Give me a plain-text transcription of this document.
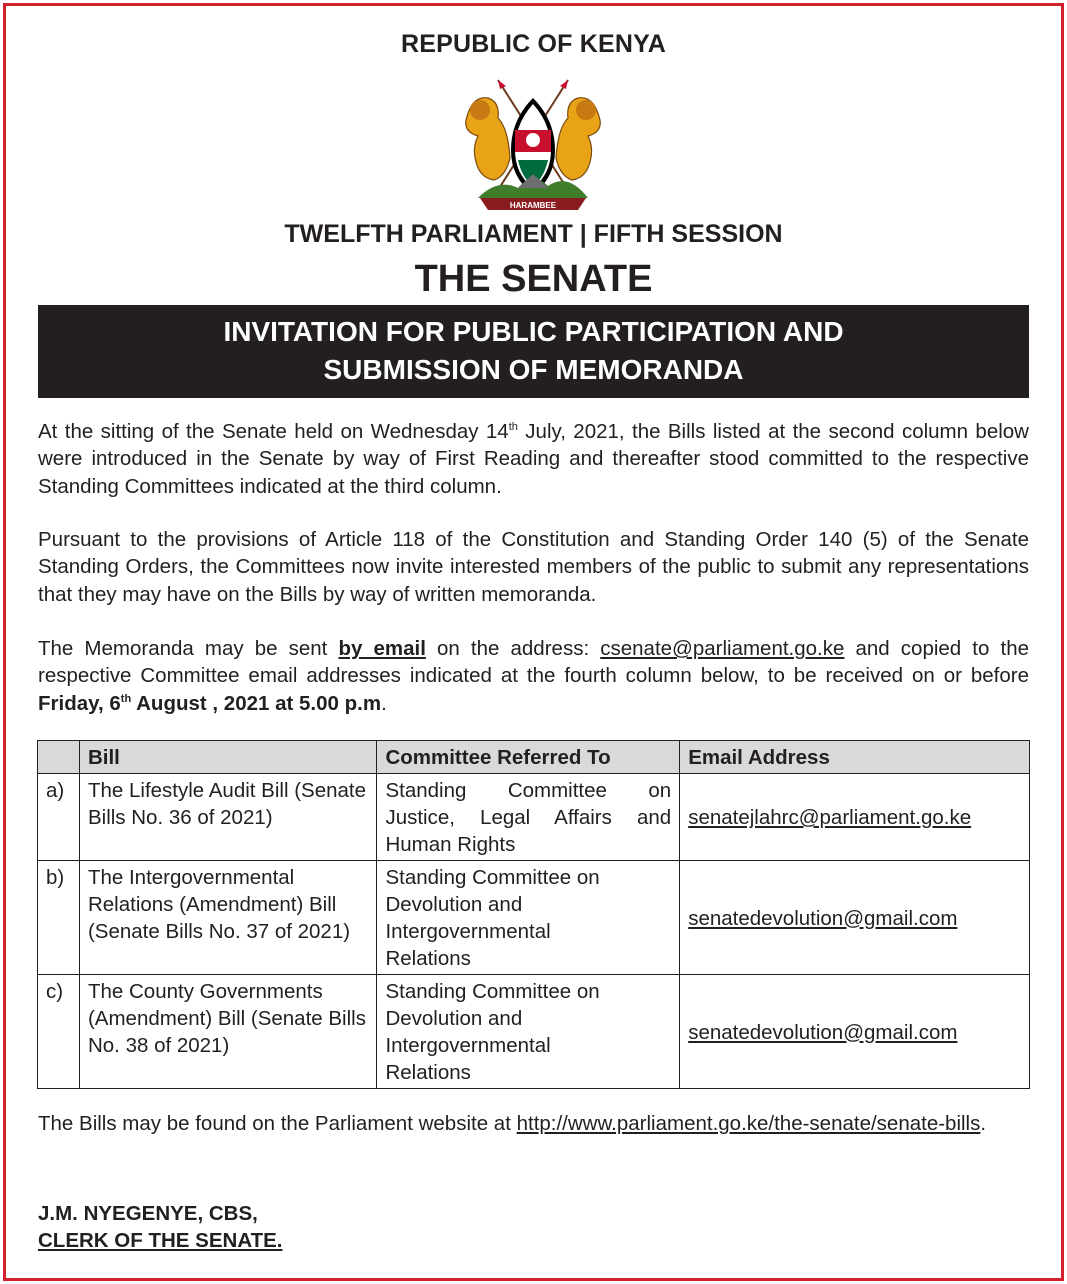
REPUBLIC OF KENYA
HARAMBEE
TWELFTH PARLIAMENT | FIFTH SESSION
THE SENATE
INVITATION FOR PUBLIC PARTICIPATION AND
SUBMISSION OF MEMORANDA
At the sitting of the Senate held on Wednesday 14th July, 2021, the Bills listed at the second column below were introduced in the Senate by way of First Reading and thereafter stood committed to the respective Standing Committees indicated at the third column.
Pursuant to the provisions of Article 118 of the Constitution and Standing Order 140 (5) of the Senate Standing Orders, the Committees now invite interested members of the public to submit any representations that they may have on the Bills by way of written memoranda.
The Memoranda may be sent by email on the address: csenate@parliament.go.ke and copied to the respective Committee email addresses indicated at the fourth column below, to be received on or before Friday, 6th August , 2021 at 5.00 p.m.
	Bill	Committee Referred To	Email Address
a)	The Lifestyle Audit Bill (Senate Bills No. 36 of 2021)	Standing Committee on Justice, Legal Affairs and Human Rights	senatejlahrc@parliament.go.ke
b)	The Intergovernmental Relations (Amendment) Bill (Senate Bills No. 37 of 2021)	Standing Committee on Devolution and Intergovernmental Relations	senatedevolution@gmail.com
c)	The County Governments (Amendment) Bill (Senate Bills No. 38 of 2021)	Standing Committee on Devolution and Intergovernmental Relations	senatedevolution@gmail.com
The Bills may be found on the Parliament website at http://www.parliament.go.ke/the-senate/senate-bills.
J.M. NYEGENYE, CBS,
CLERK OF THE SENATE.
